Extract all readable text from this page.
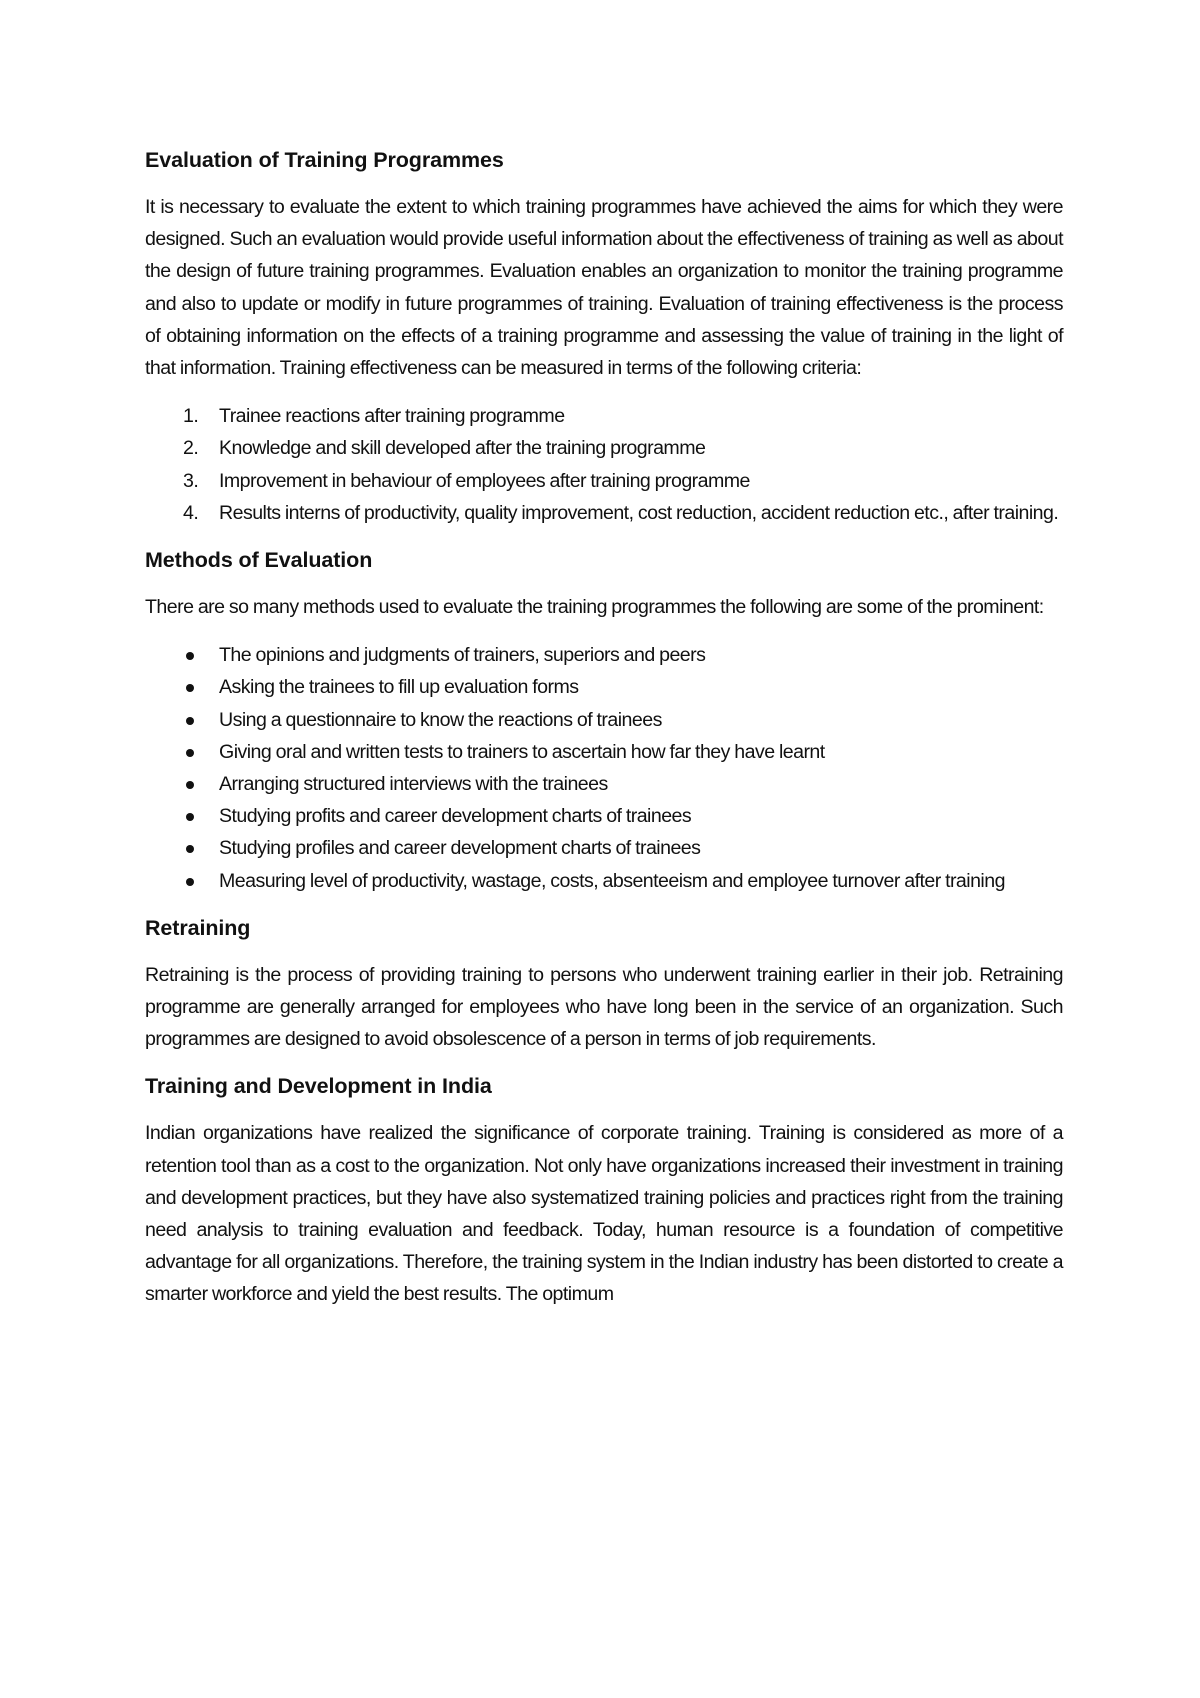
Evaluation of Training Programmes

It is necessary to evaluate the extent to which training programmes have achieved the aims for which they were designed. Such an evaluation would provide useful information about the effectiveness of training as well as about the design of future training programmes. Evaluation enables an organization to monitor the training programme and also to update or modify in future programmes of training. Evaluation of training effectiveness is the process of obtaining information on the effects of a training programme and assessing the value of training in the light of that information. Training effectiveness can be measured in terms of the following criteria:

1. Trainee reactions after training programme
2. Knowledge and skill developed after the training programme
3. Improvement in behaviour of employees after training programme
4. Results interns of productivity, quality improvement, cost reduction, accident reduction etc., after training.
Methods of Evaluation

There are so many methods used to evaluate the training programmes the following are some of the prominent:

The opinions and judgments of trainers, superiors and peers
Asking the trainees to fill up evaluation forms
Using a questionnaire to know the reactions of trainees
Giving oral and written tests to trainers to ascertain how far they have learnt
Arranging structured interviews with the trainees
Studying profits and career development charts of trainees
Studying profiles and career development charts of trainees
Measuring level of productivity, wastage, costs, absenteeism and employee turnover after training
Retraining

Retraining is the process of providing training to persons who underwent training earlier in their job. Retraining programme are generally arranged for employees who have long been in the service of an organization. Such programmes are designed to avoid obsolescence of a person in terms of job requirements.

Training and Development in India

Indian organizations have realized the significance of corporate training. Training is considered as more of a retention tool than as a cost to the organization. Not only have organizations increased their investment in training and development practices, but they have also systematized training policies and practices right from the training need analysis to training evaluation and feedback. Today, human resource is a foundation of competitive advantage for all organizations. Therefore, the training system in the Indian industry has been distorted to create a smarter workforce and yield the best results. The optimum
